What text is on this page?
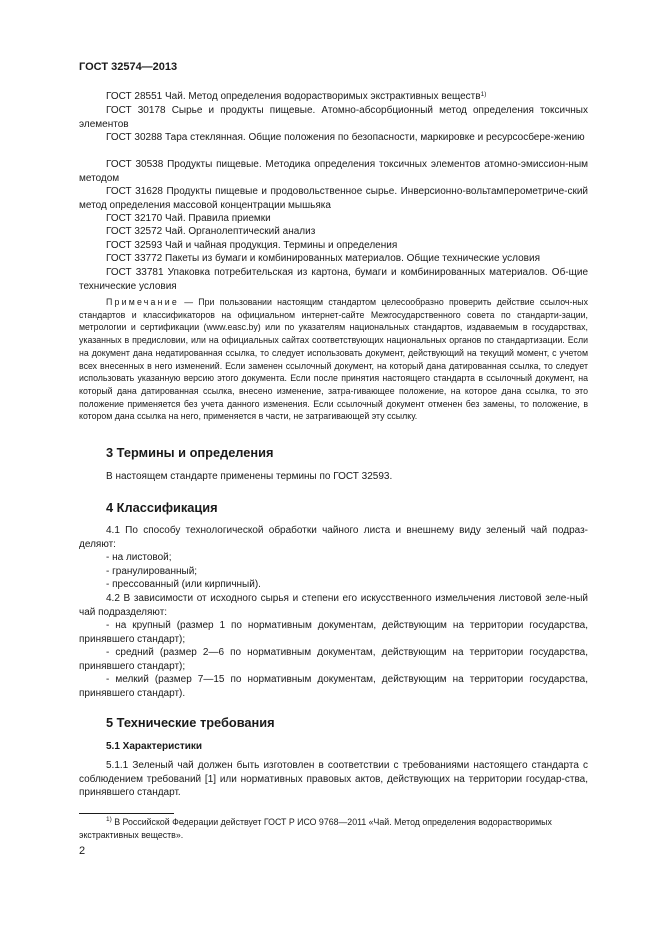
ГОСТ 32574—2013

ГОСТ 28551 Чай. Метод определения водорастворимых экстрактивных веществ$^{1)}$

ГОСТ 30178 Сырье и продукты пищевые. Атомно-абсорбционный метод определения токсичных элементов

ГОСТ 30288 Тара стеклянная. Общие положения по безопасности, маркировке и ресурсосбере-жению

ГОСТ 30538 Продукты пищевые. Методика определения токсичных элементов атомно-эмиссион-ным методом

ГОСТ 31628 Продукты пищевые и продовольственное сырье. Инверсионно-вольтамперометриче-ский метод определения массовой концентрации мышьяка

ГОСТ 32170 Чай. Правила приемки

ГОСТ 32572 Чай. Органолептический анализ

ГОСТ 32593 Чай и чайная продукция. Термины и определения

ГОСТ 33772 Пакеты из бумаги и комбинированных материалов. Общие технические условия

ГОСТ 33781 Упаковка потребительская из картона, бумаги и комбинированных материалов. Об-щие технические условия

Примечание — При пользовании настоящим стандартом целесообразно проверить действие ссылоч-ных стандартов и классификаторов на официальном интернет-сайте Межгосударственного совета по стандарти-зации, метрологии и сертификации (www.easc.by) или по указателям национальных стандартов, издаваемым в государствах, указанных в предисловии, или на официальных сайтах соответствующих национальных органов по стандартизации. Если на документ дана недатированная ссылка, то следует использовать документ, действующий на текущий момент, с учетом всех внесенных в него изменений. Если заменен ссылочный документ, на который дана датированная ссылка, то следует использовать указанную версию этого документа. Если после принятия настоящего стандарта в ссылочный документ, на который дана датированная ссылка, внесено изменение, затра-гивающее положение, на которое дана ссылка, то это положение применяется без учета данного изменения. Если ссылочный документ отменен без замены, то положение, в котором дана ссылка на него, применяется в части, не затрагивающей эту ссылку.

3 Термины и определения

В настоящем стандарте применены термины по ГОСТ 32593.

4 Классификация

4.1 По способу технологической обработки чайного листа и внешнему виду зеленый чай подраз-деляют:

- на листовой;
- гранулированный;
- прессованный (или кирпичный).

4.2 В зависимости от исходного сырья и степени его искусственного измельчения листовой зеле-ный чай подразделяют:

- на крупный (размер 1 по нормативным документам, действующим на территории государства, принявшего стандарт);

- средний (размер 2—6 по нормативным документам, действующим на территории государства, принявшего стандарт);

- мелкий (размер 7—15 по нормативным документам, действующим на территории государства, принявшего стандарт).

5 Технические требования
5.1 Характеристики

5.1.1 Зеленый чай должен быть изготовлен в соответствии с требованиями настоящего стандарта с соблюдением требований [1] или нормативных правовых актов, действующих на территории государ-ства, принявшего стандарт.

$^{1)}$ В Российской Федерации действует ГОСТ Р ИСО 9768—2011 «Чай. Метод определения водорастворимых экстрактивных веществ».

2
